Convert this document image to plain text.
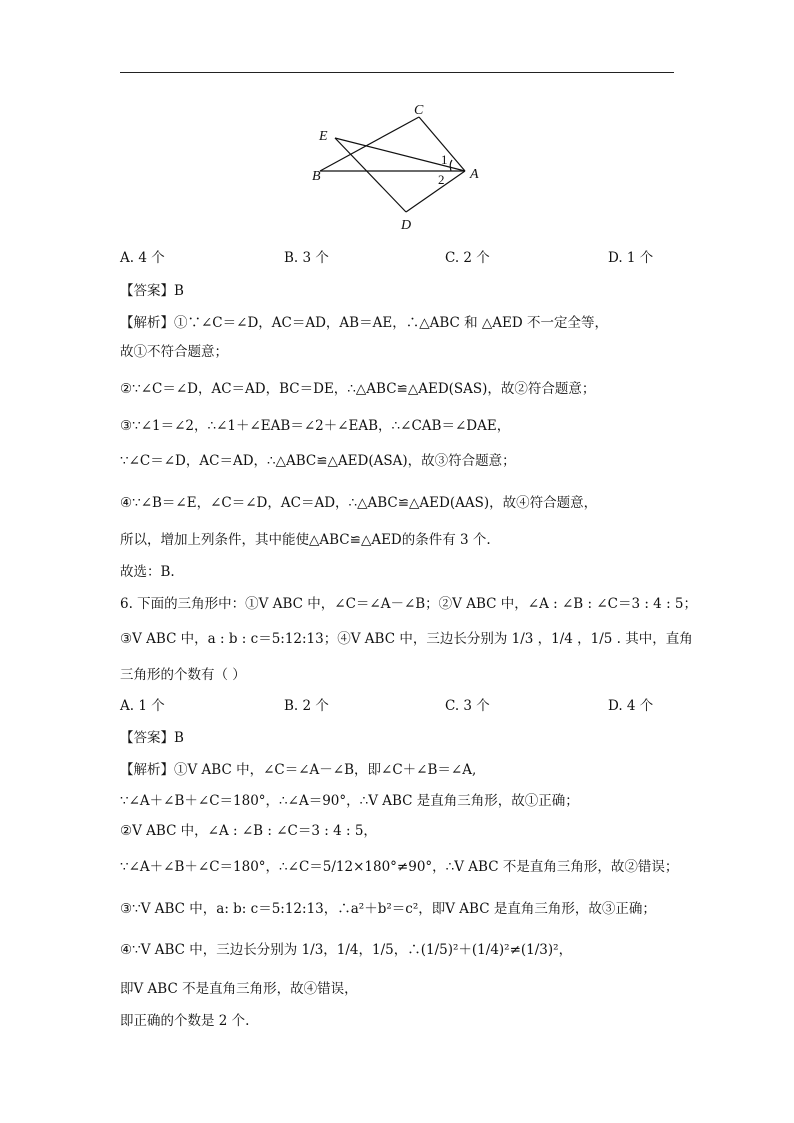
C
E
B	A
D
1
2
A. 4 个	B. 3 个	C. 2 个	D. 1 个
【答案】B
【解析】①∵∠C＝∠D，AC＝AD，AB＝AE，∴△ABC 和 △AED 不一定全等，
故①不符合题意；
②∵∠C＝∠D，AC＝AD，BC＝DE，∴△ABC≌△AED(SAS)，故②符合题意；
③∵∠1＝∠2，∴∠1＋∠EAB＝∠2＋∠EAB，∴∠CAB＝∠DAE，
∵∠C＝∠D，AC＝AD，∴△ABC≌△AED(ASA)，故③符合题意；
④∵∠B＝∠E，∠C＝∠D，AC＝AD，∴△ABC≌△AED(AAS)，故④符合题意，
所以，增加上列条件，其中能使△ABC≌△AED的条件有 3 个.
故选：B.
6. 下面的三角形中：①V ABC 中，∠C＝∠A－∠B；②V ABC 中，∠A : ∠B : ∠C＝3 : 4 : 5；
③V ABC 中，a : b : c＝5:12:13；④V ABC 中，三边长分别为 1/3 ，1/4 ，1/5 . 其中，直角
三角形的个数有（ ）
A. 1 个	B. 2 个	C. 3 个	D. 4 个
【答案】B
【解析】①V ABC 中，∠C＝∠A－∠B，即∠C＋∠B＝∠A,
∵∠A＋∠B＋∠C＝180°，∴∠A＝90°，∴V ABC 是直角三角形，故①正确；
②V ABC 中，∠A : ∠B : ∠C＝3 : 4 : 5，
∵∠A＋∠B＋∠C＝180°，∴∠C＝5/12×180°≠90°，∴V ABC 不是直角三角形，故②错误；
③∵V ABC 中，a: b: c＝5:12:13，∴a²＋b²＝c²，即V ABC 是直角三角形，故③正确；
④∵V ABC 中，三边长分别为 1/3，1/4，1/5，∴(1/5)²＋(1/4)²≠(1/3)²，
即V ABC 不是直角三角形，故④错误，
即正确的个数是 2 个.
